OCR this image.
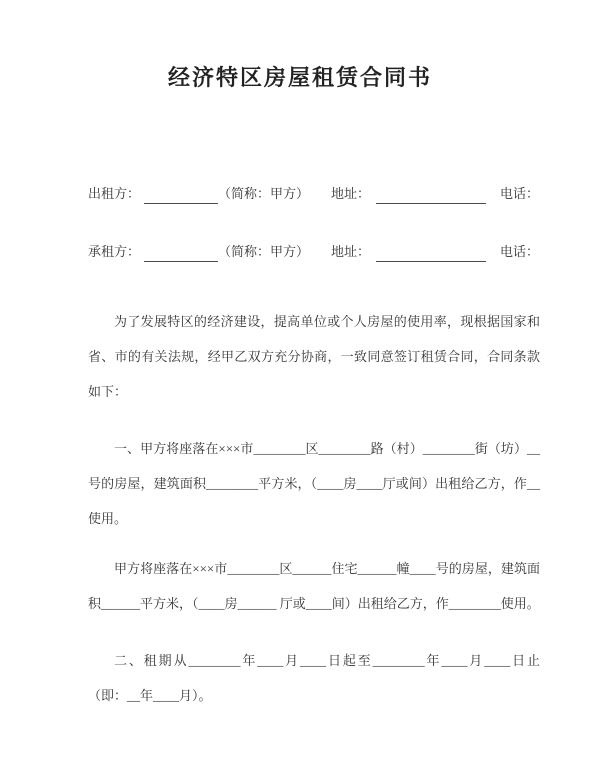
经济特区房屋租赁合同书
出租方：	（简称：甲方） 地址：	电话：
承租方：	（简称：甲方） 地址：	电话：

为了发展特区的经济建设，提高单位或个人房屋的使用率，现根据国家和省、市的有关法规，经甲乙双方充分协商，一致同意签订租赁合同，合同条款如下：

一、甲方将座落在×××市________区________路（村）________街（坊）__号的房屋，建筑面积________平方米，（____房____厅或间）出租给乙方，作__使用。

甲方将座落在×××市________区______住宅______幢____号的房屋，建筑面积______平方米，（____房______ 厅或____间）出租给乙方，作________使用。

二、租期从________年____月____日起至________年____月____日止（即：__年____月）。
